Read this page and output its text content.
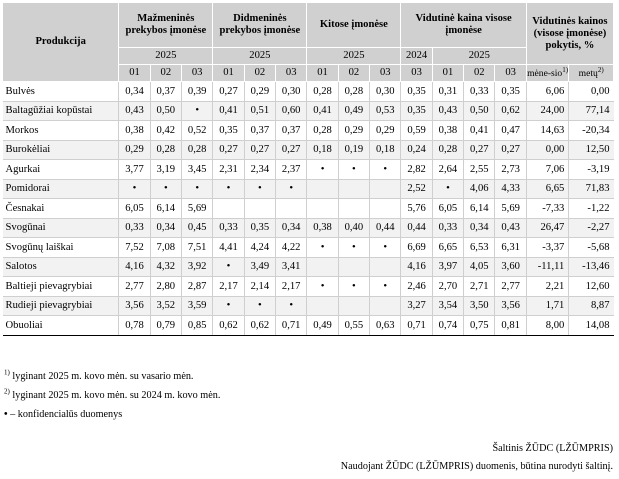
Produkcija	Mažmeninės prekybos įmonėse			Didmeninės prekybos įmonėse			Kitose įmonėse			Vidutinė kaina visose įmonėse				Vidutinės kainos (visose įmonėse) pokytis, %	
	2025			2025			2025			2024	2025				
	01	02	03	01	02	03	01	02	03	03	01	02	03	mėne-sio$^{1)}$	metų$^{2)}$
Bulvės	0,34	0,37	0,39	0,27	0,29	0,30	0,28	0,28	0,30	0,35	0,31	0,33	0,35	6,06	0,00
Baltagūžiai kopūstai	0,43	0,50	•	0,41	0,51	0,60	0,41	0,49	0,53	0,35	0,43	0,50	0,62	24,00	77,14
Morkos	0,38	0,42	0,52	0,35	0,37	0,37	0,28	0,29	0,29	0,59	0,38	0,41	0,47	14,63	-20,34
Burokėliai	0,29	0,28	0,28	0,27	0,27	0,27	0,18	0,19	0,18	0,24	0,28	0,27	0,27	0,00	12,50
Agurkai	3,77	3,19	3,45	2,31	2,34	2,37	•	•	•	2,82	2,64	2,55	2,73	7,06	-3,19
Pomidorai	•	•	•	•	•	•				2,52	•	4,06	4,33	6,65	71,83
Česnakai	6,05	6,14	5,69							5,76	6,05	6,14	5,69	-7,33	-1,22
Svogūnai	0,33	0,34	0,45	0,33	0,35	0,34	0,38	0,40	0,44	0,44	0,33	0,34	0,43	26,47	-2,27
Svogūnų laiškai	7,52	7,08	7,51	4,41	4,24	4,22	•	•	•	6,69	6,65	6,53	6,31	-3,37	-5,68
Salotos	4,16	4,32	3,92	•	3,49	3,41				4,16	3,97	4,05	3,60	-11,11	-13,46
Baltieji pievagrybiai	2,77	2,80	2,87	2,17	2,14	2,17	•	•	•	2,46	2,70	2,71	2,77	2,21	12,60
Rudieji pievagrybiai	3,56	3,52	3,59	•	•	•				3,27	3,54	3,50	3,56	1,71	8,87
Obuoliai	0,78	0,79	0,85	0,62	0,62	0,71	0,49	0,55	0,63	0,71	0,74	0,75	0,81	8,00	14,08
$^{1)}$ lyginant 2025 m. kovo mėn. su vasario mėn.
$^{2)}$ lyginant 2025 m. kovo mėn. su 2024 m. kovo mėn.
• – konfidencialūs duomenys
Šaltinis ŽŪDC (LŽŪMPRIS)
Naudojant ŽŪDC (LŽŪMPRIS) duomenis, būtina nurodyti šaltinį.
